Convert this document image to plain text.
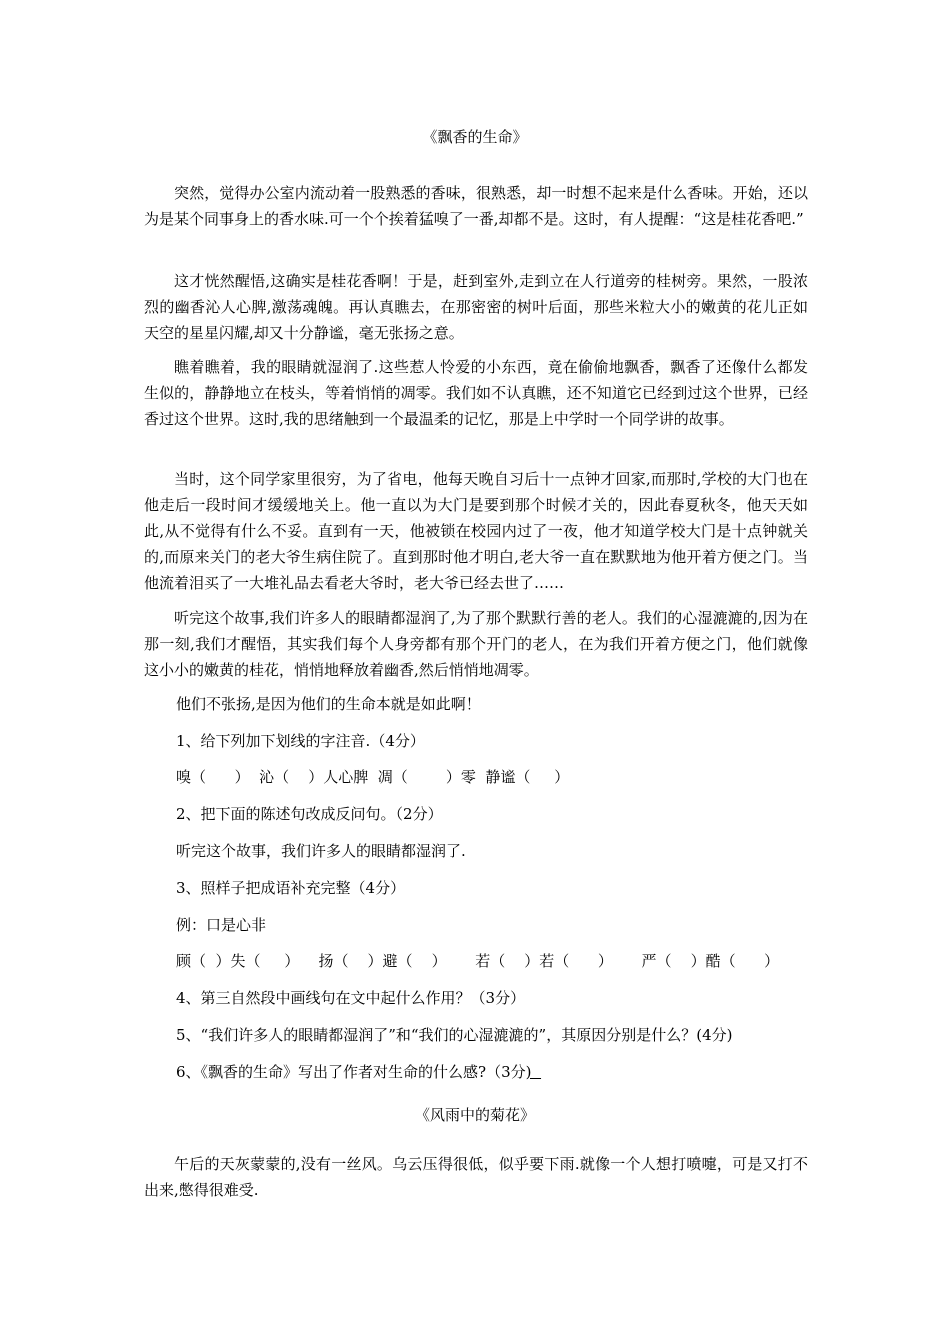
《飘香的生命》
突然，觉得办公室内流动着一股熟悉的香味，很熟悉，却一时想不起来是什么香味。开始，还以为是某个同事身上的香水味.可一个个挨着猛嗅了一番,却都不是。这时，有人提醒：“这是桂花香吧.”
这才恍然醒悟,这确实是桂花香啊！于是，赶到室外,走到立在人行道旁的桂树旁。果然，一股浓烈的幽香沁人心脾,激荡魂魄。再认真瞧去，在那密密的树叶后面，那些米粒大小的嫩黄的花儿正如天空的星星闪耀,却又十分静谧，毫无张扬之意。
瞧着瞧着，我的眼睛就湿润了.这些惹人怜爱的小东西，竟在偷偷地飘香，飘香了还像什么都发生似的，静静地立在枝头，等着悄悄的凋零。我们如不认真瞧，还不知道它已经到过这个世界，已经香过这个世界。这时,我的思绪触到一个最温柔的记忆，那是上中学时一个同学讲的故事。
当时，这个同学家里很穷，为了省电，他每天晚自习后十一点钟才回家,而那时,学校的大门也在他走后一段时间才缓缓地关上。他一直以为大门是要到那个时候才关的，因此春夏秋冬，他天天如此,从不觉得有什么不妥。直到有一天，他被锁在校园内过了一夜，他才知道学校大门是十点钟就关的,而原来关门的老大爷生病住院了。直到那时他才明白,老大爷一直在默默地为他开着方便之门。当他流着泪买了一大堆礼品去看老大爷时，老大爷已经去世了……
听完这个故事,我们许多人的眼睛都湿润了,为了那个默默行善的老人。我们的心湿漉漉的,因为在那一刻,我们才醒悟，其实我们每个人身旁都有那个开门的老人，在为我们开着方便之门，他们就像这小小的嫩黄的桂花，悄悄地释放着幽香,然后悄悄地凋零。
他们不张扬,是因为他们的生命本就是如此啊！
1、给下列加下划线的字注音.（4分）
嗅（      ）  沁（    ）人心脾  凋（        ）零  静谧（     ）
2、把下面的陈述句改成反问句。（2分）
听完这个故事，我们许多人的眼睛都湿润了.
3、照样子把成语补充完整（4分）
例：口是心非
顾（  ）失（     ）    扬（    ）避（    ）      若（    ）若（      ）      严（    ）酷（      ）
4、第三自然段中画线句在文中起什么作用？（3分）
5、“我们许多人的眼睛都湿润了”和“我们的心湿漉漉的”，其原因分别是什么？(4分)
6、《飘香的生命》写出了作者对生命的什么感?（3分)
《风雨中的菊花》
午后的天灰蒙蒙的,没有一丝风。乌云压得很低，似乎要下雨.就像一个人想打喷嚏，可是又打不出来,憋得很难受.
